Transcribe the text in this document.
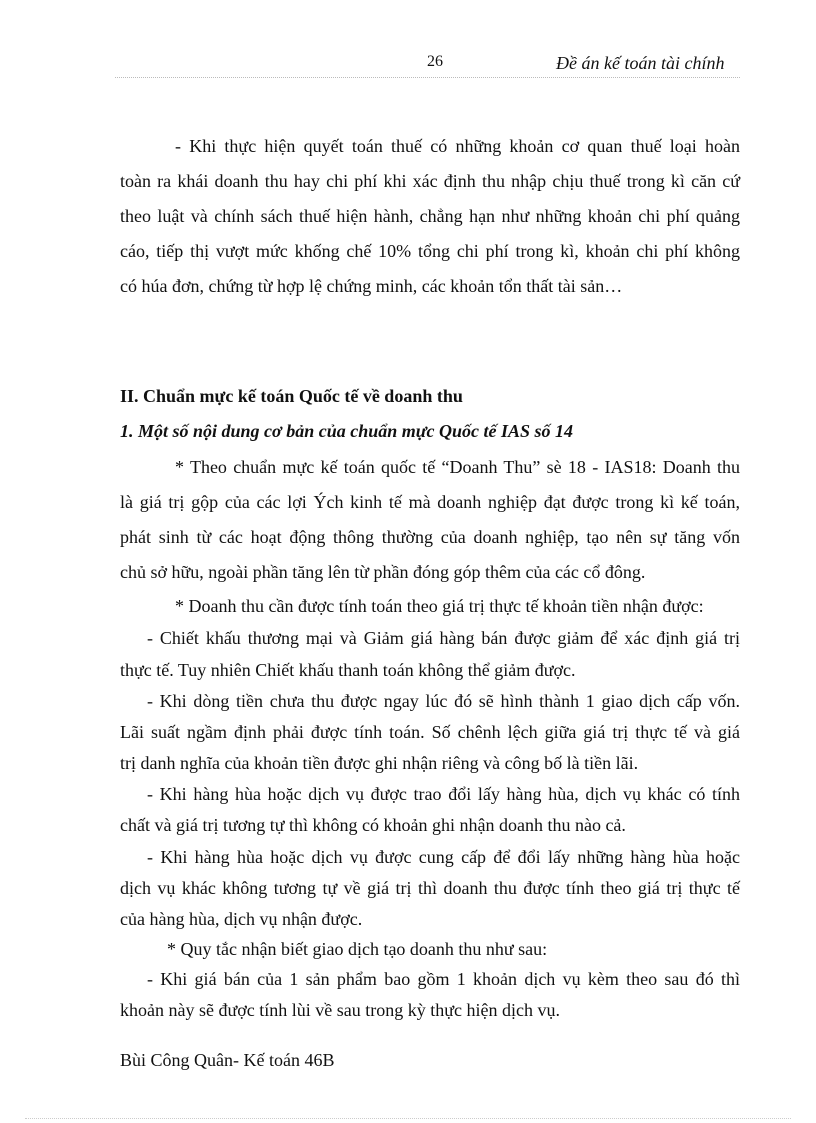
26	Đề án kế toán tài chính
- Khi thực hiện quyết toán thuế có những khoản cơ quan thuế loại hoàn
toàn ra khái doanh thu hay chi phí khi xác định thu nhập chịu thuế trong kì căn cứ
theo luật và chính sách thuế hiện hành, chẳng hạn như những khoản chi phí quảng
cáo, tiếp thị vượt mức khống chế 10% tổng chi phí trong kì, khoản chi phí không
có húa đơn, chứng từ hợp lệ chứng minh, các khoản tổn thất tài sản…
II. Chuẩn mực kế toán Quốc tế về doanh thu
1. Một số nội dung cơ bản của chuẩn mực Quốc tế IAS số 14
* Theo chuẩn mực kế toán quốc tế “Doanh Thu” sè 18 - IAS18: Doanh thu
là giá trị gộp của các lợi Ých kinh tế mà doanh nghiệp đạt được trong kì kế toán,
phát sinh từ các hoạt động thông thường của doanh nghiệp, tạo nên sự tăng vốn
chủ sở hữu, ngoài phần tăng lên từ phần đóng góp thêm của các cổ đông.
* Doanh thu cần được tính toán theo giá trị thực tế khoản tiền nhận được:
- Chiết khấu thương mại và Giảm giá hàng bán được giảm để xác định giá trị
thực tế. Tuy nhiên Chiết khấu thanh toán không thể giảm được.
- Khi dòng tiền chưa thu được ngay lúc đó sẽ hình thành 1 giao dịch cấp vốn.
Lãi suất ngầm định phải được tính toán. Số chênh lệch giữa giá trị thực tế và giá
trị danh nghĩa của khoản tiền được ghi nhận riêng và công bố là tiền lãi.
- Khi hàng hùa hoặc dịch vụ được trao đổi lấy hàng hùa, dịch vụ khác có tính
chất và giá trị tương tự thì không có khoản ghi nhận doanh thu nào cả.
- Khi hàng hùa hoặc dịch vụ được cung cấp để đổi lấy những hàng hùa hoặc
dịch vụ khác không tương tự về giá trị thì doanh thu được tính theo giá trị thực tế
của hàng hùa, dịch vụ nhận được.
* Quy tắc nhận biết giao dịch tạo doanh thu như sau:
- Khi giá bán của 1 sản phẩm bao gồm 1 khoản dịch vụ kèm theo sau đó thì
khoản này sẽ được tính lùi về sau trong kỳ thực hiện dịch vụ.
Bùi Công Quân- Kế toán 46B
